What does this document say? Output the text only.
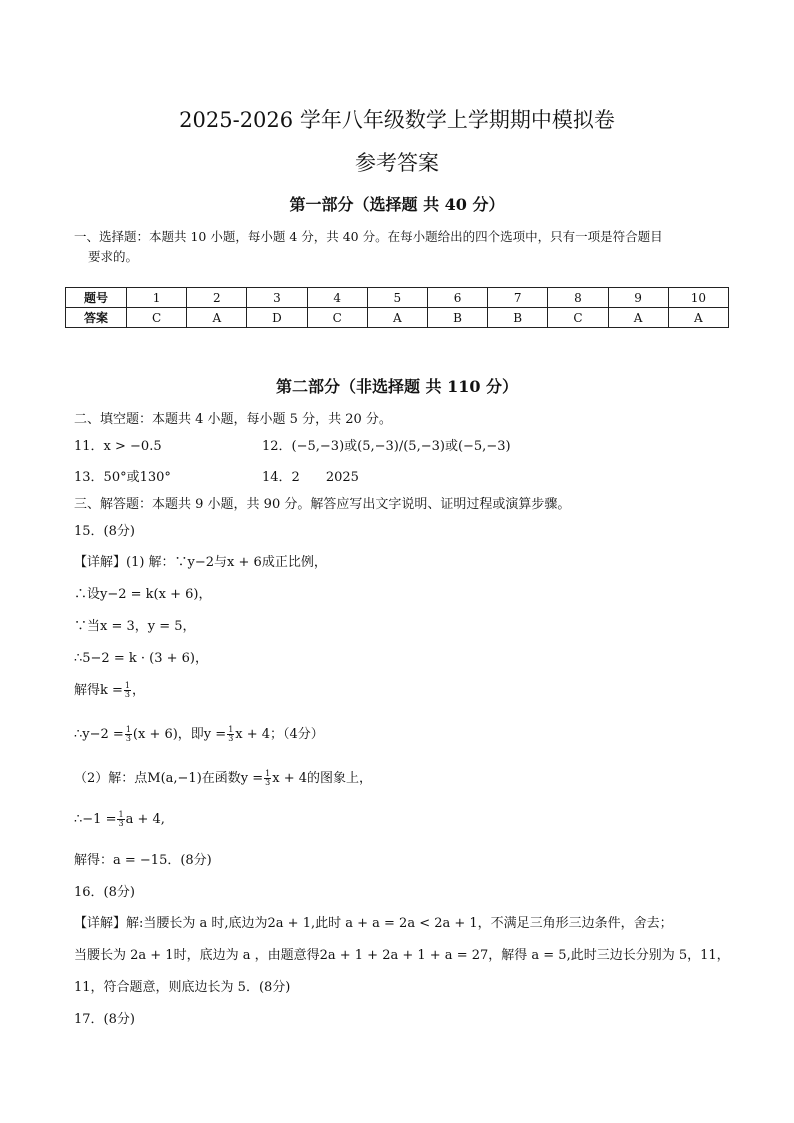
2025-2026 学年八年级数学上学期期中模拟卷
参考答案
第一部分（选择题 共 40 分）
一、选择题：本题共 10 小题，每小题 4 分，共 40 分。在每小题给出的四个选项中，只有一项是符合题目
要求的。
题号	1	2	3	4	5	6	7	8	9	10
答案	C	A	D	C	A	B	B	C	A	A
第二部分（非选择题 共 110 分）
二、填空题：本题共 4 小题，每小题 5 分，共 20 分。
11．x > −0.5	12．(−5,−3)或(5,−3)/(5,−3)或(−5,−3)
13．50°或130°	14．2　　2025
三、解答题：本题共 9 小题，共 90 分。解答应写出文字说明、证明过程或演算步骤。
15．(8分)
【详解】(1) 解：∵y−2与x + 6成正比例，
∴设y−2 = k(x + 6)，
∵当x = 3，y = 5，
∴5−2 = k · (3 + 6)，
解得$k = \frac{1}{3}$ ，
∴y−2 = $\frac{1}{3} (x + 6)$，即$y = \frac{1}{3}$ x + 4；（4分）
（2）解：点M(a,−1)在函数$y = \frac{1}{3}$ x + 4的图象上，
∴−1 = $\frac{1}{3}$ a + 4,
解得：a = −15．(8分)
16．(8分)
【详解】解:当腰长为 a 时,底边为2a + 1,此时 a + a = 2a < 2a + 1，不满足三角形三边条件，舍去；
当腰长为 2a + 1时，底边为 a ，由题意得2a + 1 + 2a + 1 + a = 27，解得 a = 5,此时三边长分别为 5，11，
11，符合题意，则底边长为 5．(8分)
17．(8分)
